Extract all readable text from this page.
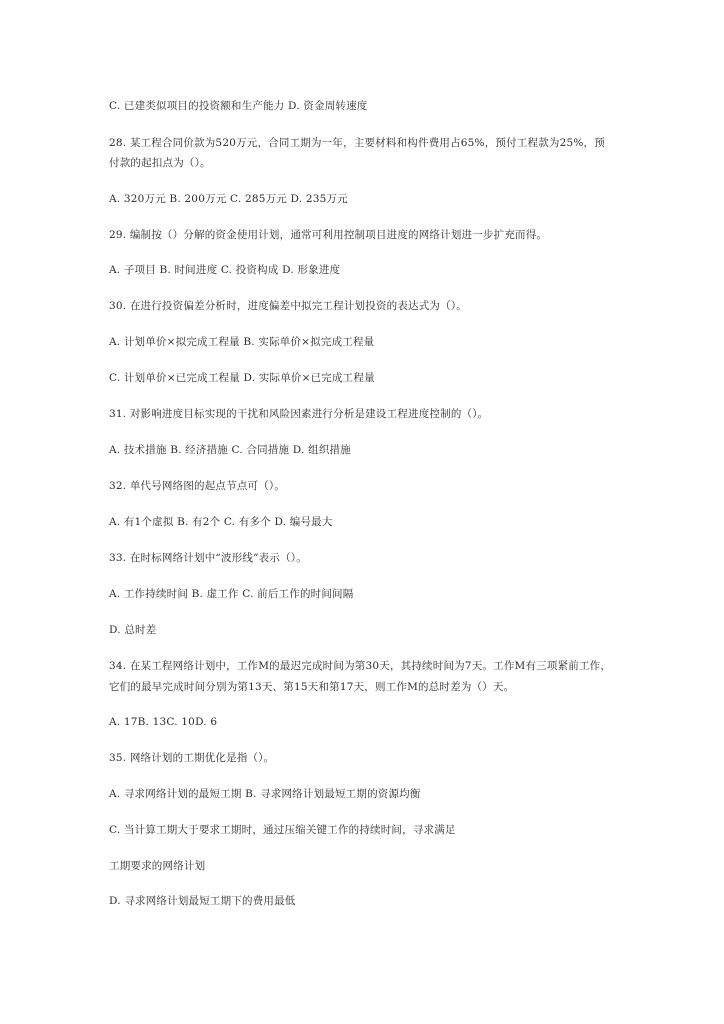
C. 已建类似项目的投资额和生产能力 D. 资金周转速度
28. 某工程合同价款为520万元，合同工期为一年，主要材料和构件费用占65%，预付工程款为25%，预
付款的起扣点为（）。
A. 320万元 B. 200万元 C. 285万元 D. 235万元
29. 编制按（）分解的资金使用计划，通常可利用控制项目进度的网络计划进一步扩充而得。
A. 子项目 B. 时间进度 C. 投资构成 D. 形象进度
30. 在进行投资偏差分析时，进度偏差中拟完工程计划投资的表达式为（）。
A. 计划单价×拟完成工程量 B. 实际单价×拟完成工程量
C. 计划单价×已完成工程量 D. 实际单价×已完成工程量
31. 对影响进度目标实现的干扰和风险因素进行分析是建设工程进度控制的（）。
A. 技术措施 B. 经济措施 C. 合同措施 D. 组织措施
32. 单代号网络图的起点节点可（）。
A. 有1个虚拟 B. 有2个 C. 有多个 D. 编号最大
33. 在时标网络计划中“波形线”表示（）。
A. 工作持续时间 B. 虚工作 C. 前后工作的时间间隔
D. 总时差
34. 在某工程网络计划中，工作M的最迟完成时间为第30天，其持续时间为7天。工作M有三项紧前工作，
它们的最早完成时间分别为第13天、第15天和第17天，则工作M的总时差为（）天。
A. 17B. 13C. 10D. 6
35. 网络计划的工期优化是指（）。
A. 寻求网络计划的最短工期 B. 寻求网络计划最短工期的资源均衡
C. 当计算工期大于要求工期时，通过压缩关键工作的持续时间，寻求满足
工期要求的网络计划
D. 寻求网络计划最短工期下的费用最低
